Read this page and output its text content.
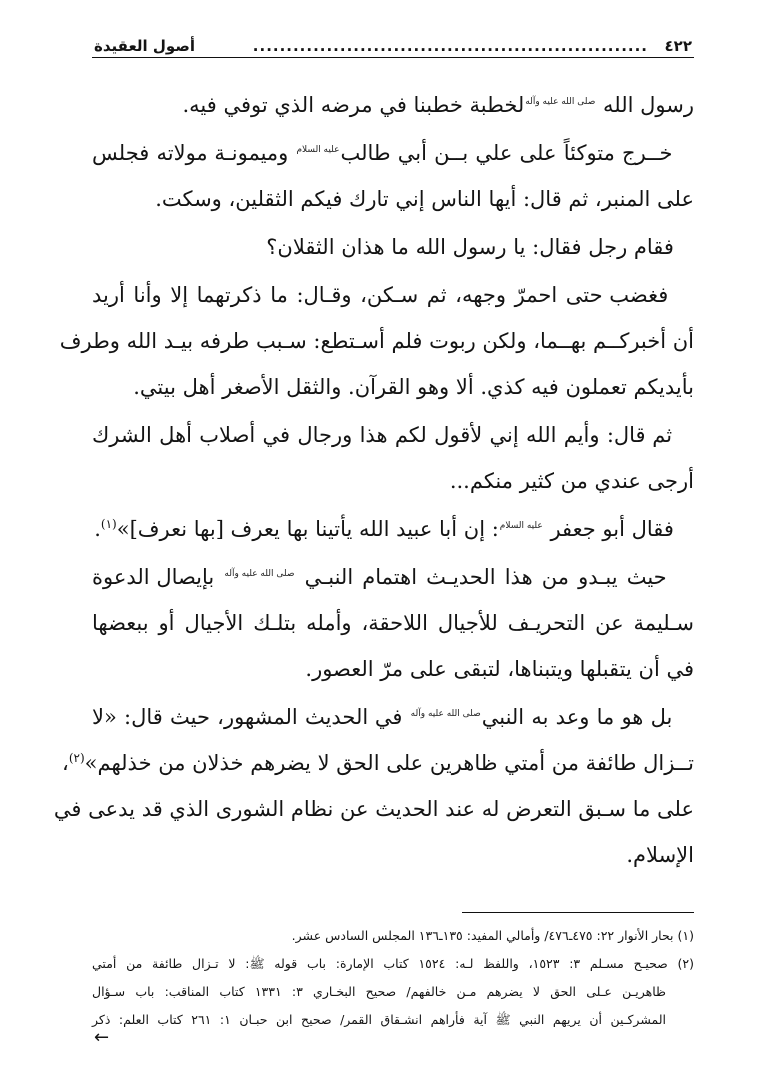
٤٢٢
...........................................................
أصول العقيدة
رسول الله صلى الله عليه وآلهلخطبة خطبنا في مرضه الذي توفي فيه.
خــرج متوكئاً على علي بــن أبي طالبعليه السلام وميمونـة مولاته فجلس
على المنبر، ثم قال: أيها الناس إني تارك فيكم الثقلين، وسكت.
فقام رجل فقال: يا رسول الله ما هذان الثقلان؟
فغضب حتى احمرّ وجهه، ثم سـكن، وقـال: ما ذكرتهما إلا وأنا أريد
أن أخبركــم بهــما، ولكن ربوت فلم أسـتطع: سـبب طرفه بيـد الله وطرف
بأيديكم تعملون فيه كذي. ألا وهو القرآن. والثقل الأصغر أهل بيتي.
ثم قال: وأيم الله إني لأقول لكم هذا ورجال في أصلاب أهل الشرك
أرجى عندي من كثير منكم...
فقال أبو جعفر عليه السلام: إن أبا عبيد الله يأتينا بها يعرف [بها نعرف]»$^{(١)}$.
حيث يبـدو من هذا الحديـث اهتمام النبـي صلى الله عليه وآله بإيصال الدعوة
سـليمة عن التحريـف للأجيال اللاحقة، وأمله بتلـك الأجيال أو ببعضها
في أن يتقبلها ويتبناها، لتبقى على مرّ العصور.
بل هو ما وعد به النبيصلى الله عليه وآله في الحديث المشهور، حيث قال: «لا
تــزال طائفة من أمتي ظاهرين على الحق لا يضرهم خذلان من خذلهم»$^{(٢)}$،
على ما سـبق التعرض له عند الحديث عن نظام الشورى الذي قد يدعى في
الإسلام.
(١) بحار الأنوار ٢٢: ٤٧٥ـ٤٧٦/ وأمالي المفيد: ١٣٥ـ١٣٦ المجلس السادس عشر.
(٢) صحيـح مسـلم ٣: ١٥٢٣، واللفظ لـه: ١٥٢٤ كتاب الإمارة: باب قوله ﷺ: لا تـزال طائفة من أمتي
ظاهريـن عـلى الحق لا يضرهم مـن خالفهم/ صحيح البخـاري ٣: ١٣٣١ كتاب المناقب: باب سـؤال
المشركـين أن يريهم النبي ﷺ آية فأراهم انشـقاق القمر/ صحيح ابن حبـان ١: ٢٦١ كتاب العلم: ذكر
←
